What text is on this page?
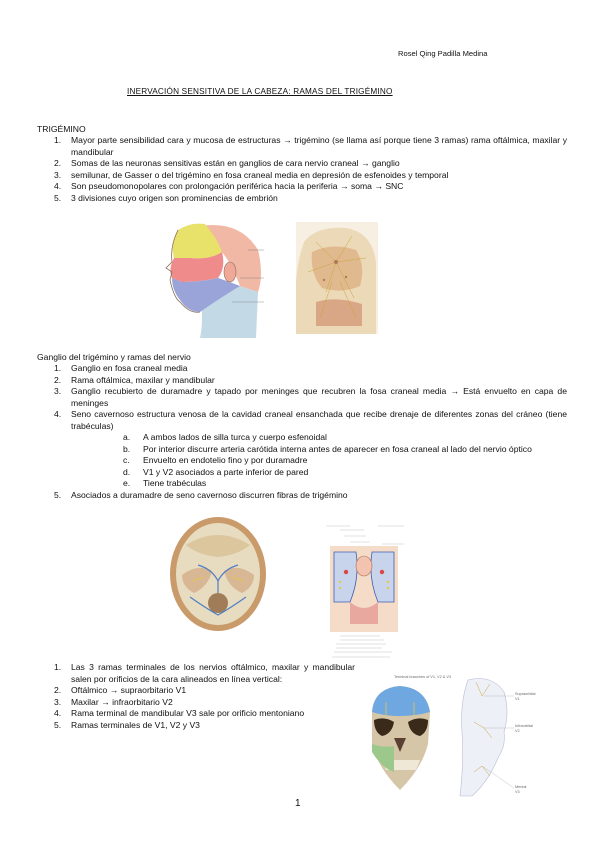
Rosel Qing Padilla Medina
INERVACIÓN SENSITIVA DE LA CABEZA: RAMAS DEL TRIGÉMINO
TRIGÉMINO
1. Mayor parte sensibilidad cara y mucosa de estructuras → trigémino (se llama así porque tiene 3 ramas) rama oftálmica, maxilar y mandibular
2. Somas de las neuronas sensitivas están en ganglios de cara nervio craneal → ganglio
3. semilunar, de Gasser o del trigémino en fosa craneal media en depresión de esfenoides y temporal
4. Son pseudomonopolares con prolongación periférica hacia la periferia → soma → SNC
5. 3 divisiones cuyo origen son prominencias de embrión
Ganglio del trigémino y ramas del nervio
1. Ganglio en fosa craneal media
2. Rama oftálmica, maxilar y mandibular
3. Ganglio recubierto de duramadre y tapado por meninges que recubren la fosa craneal media → Está envuelto en capa de meninges
4. Seno cavernoso estructura venosa de la cavidad craneal ensanchada que recibe drenaje de diferentes zonas del cráneo (tiene trabéculas)
a. A ambos lados de silla turca y cuerpo esfenoidal
b. Por interior discurre arteria carótida interna antes de aparecer en fosa craneal al lado del nervio óptico
c. Envuelto en endotelio fino y por duramadre
d. V1 y V2 asociados a parte inferior de pared
e. Tiene trabéculas
5. Asociados a duramadre de seno cavernoso discurren fibras de trigémino
1. Las 3 ramas terminales de los nervios oftálmico, maxilar y mandibular salen por orificios de la cara alineados en línea vertical:
2. Oftálmico → supraorbitario V1
3. Maxilar → infraorbitario V2
4. Rama terminal de mandibular V3 sale por orificio mentoniano
5. Ramas terminales de V1, V2 y V3
Terminal branches of V1, V2 & V3
Supraorbital
V1
Infraorbital
V2
Mental
V3
1
